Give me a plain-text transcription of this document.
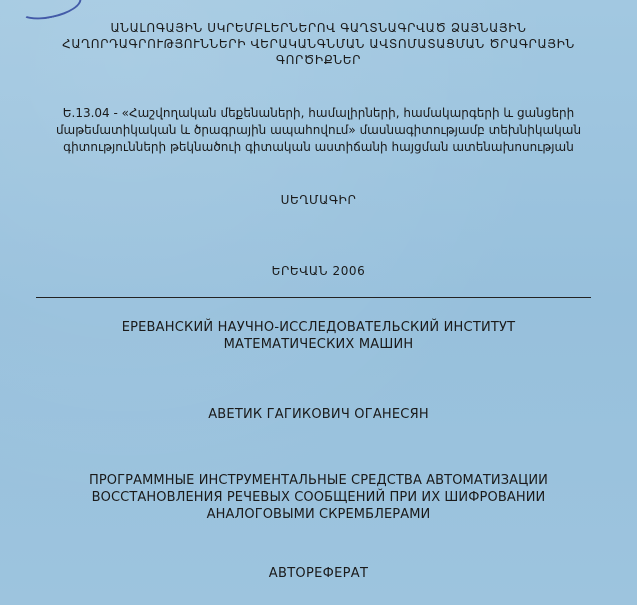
ԱՆԱԼՈԳԱՅԻՆ ՍԿՐԵՄԲԼԵՐՆԵՐՈՎ ԳԱՂՏՆԱԳՐՎԱԾ ՁԱՅՆԱՅԻՆ
ՀԱՂՈՐԴԱԳՐՈՒԹՅՈՒՆՆԵՐԻ ՎԵՐԱԿԱՆԳՆՄԱՆ ԱՎՏՈՄԱՏԱՑՄԱՆ ԾՐԱԳՐԱՅԻՆ
ԳՈՐԾԻՔՆԵՐ
Ե.13.04 - «Հաշվողական մեքենաների, համալիրների, համակարգերի և ցանցերի
մաթեմատիկական և ծրագրային ապահովում» մասնագիտությամբ տեխնիկական
գիտությունների թեկնածուի գիտական աստիճանի հայցման ատենախոսության
ՍԵՂՄԱԳԻՐ
ԵՐԵՎԱՆ 2006
ЕРЕВАНСКИЙ НАУЧНО-ИССЛЕДОВАТЕЛЬСКИЙ ИНСТИТУТ
МАТЕМАТИЧЕСКИХ МАШИН
АВЕТИК ГАГИКОВИЧ ОГАНЕСЯН
ПРОГРАММНЫЕ ИНСТРУМЕНТАЛЬНЫЕ СРЕДСТВА АВТОМАТИЗАЦИИ
ВОССТАНОВЛЕНИЯ РЕЧЕВЫХ СООБЩЕНИЙ ПРИ ИХ ШИФРОВАНИИ
АНАЛОГОВЫМИ СКРЕМБЛЕРАМИ
АВТОРЕФЕРАТ
